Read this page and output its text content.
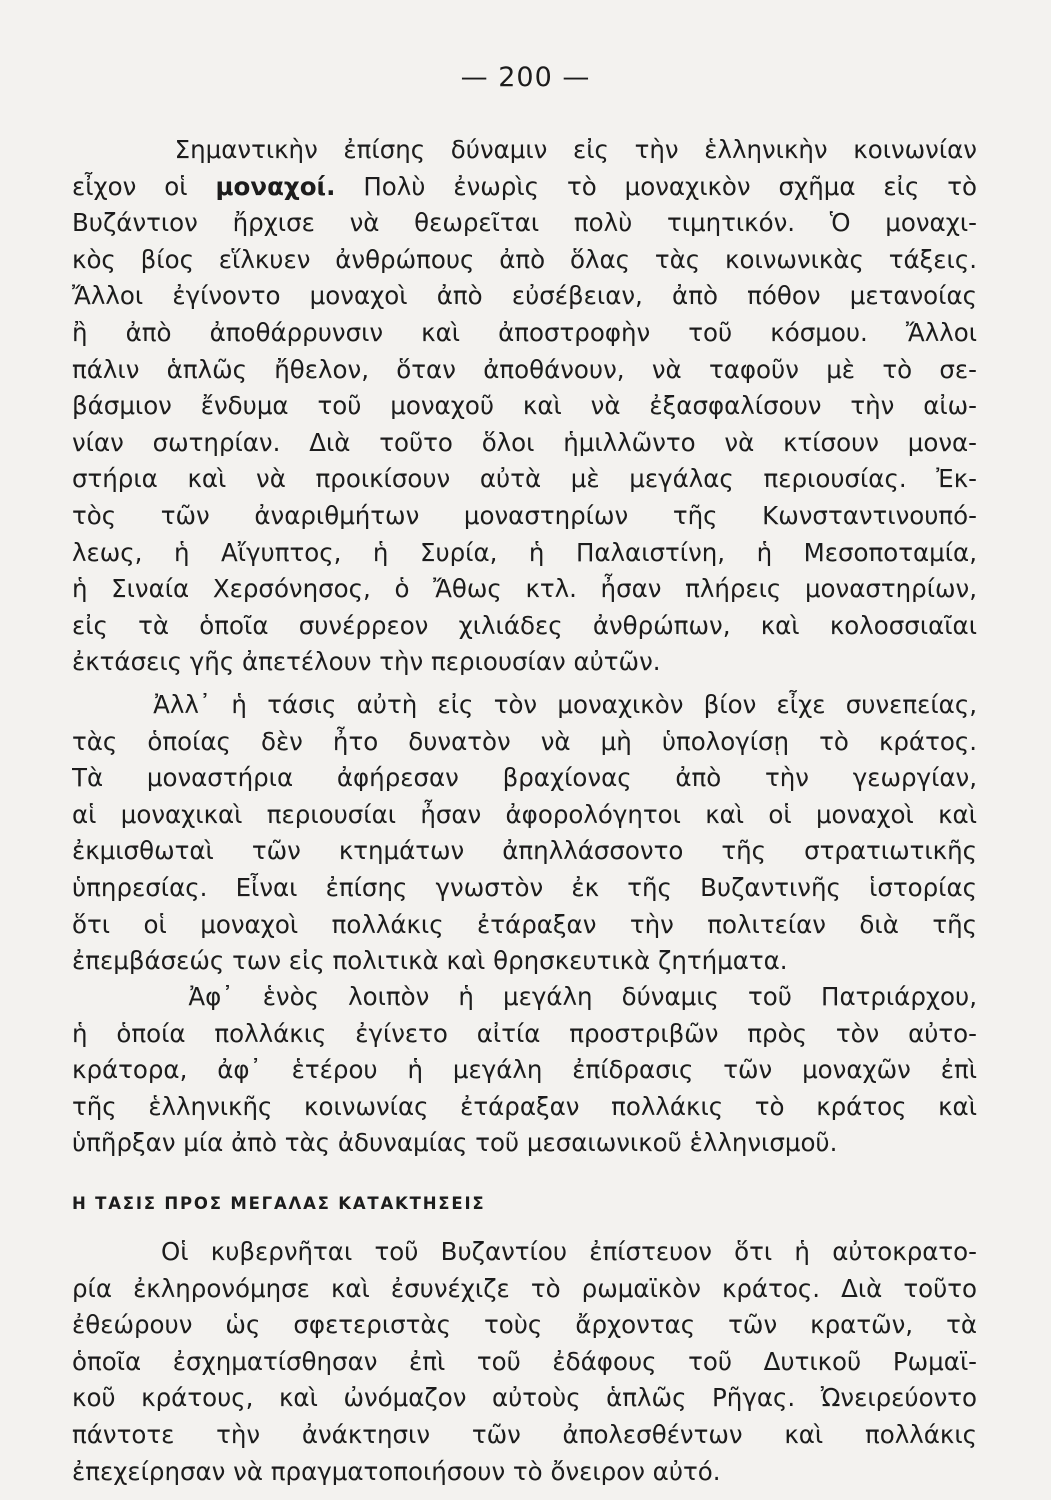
— 200 —
Σημαντικὴν ἐπίσης δύναμιν εἰς τὴν ἑλληνικὴν κοινωνίαν
εἶχον οἱ μοναχοί. Πολὺ ἐνωρὶς τὸ μοναχικὸν σχῆμα εἰς τὸ
Βυζάντιον ἤρχισε νὰ θεωρεῖται πολὺ τιμητικόν. Ὁ μοναχι-
κὸς βίος εἵλκυεν ἀνθρώπους ἀπὸ ὅλας τὰς κοινωνικὰς τάξεις.
Ἄλλοι ἐγίνοντο μοναχοὶ ἀπὸ εὐσέβειαν, ἀπὸ πόθον μετανοίας
ἢ ἀπὸ ἀποθάρρυνσιν καὶ ἀποστροφὴν τοῦ κόσμου. Ἄλλοι
πάλιν ἁπλῶς ἤθελον, ὅταν ἀποθάνουν, νὰ ταφοῦν μὲ τὸ σε-
βάσμιον ἔνδυμα τοῦ μοναχοῦ καὶ νὰ ἐξασφαλίσουν τὴν αἰω-
νίαν σωτηρίαν. Διὰ τοῦτο ὅλοι ἡμιλλῶντο νὰ κτίσουν μονα-
στήρια καὶ νὰ προικίσουν αὐτὰ μὲ μεγάλας περιουσίας. Ἐκ-
τὸς τῶν ἀναριθμήτων μοναστηρίων τῆς Κωνσταντινουπό-
λεως, ἡ Αἴγυπτος, ἡ Συρία, ἡ Παλαιστίνη, ἡ Μεσοποταμία,
ἡ Σιναία Χερσόνησος, ὁ Ἄθως κτλ. ἦσαν πλήρεις μοναστηρίων,
εἰς τὰ ὁποῖα συνέρρεον χιλιάδες ἀνθρώπων, καὶ κολοσσιαῖαι
ἐκτάσεις γῆς ἀπετέλουν τὴν περιουσίαν αὐτῶν.
Ἀλλ᾽ ἡ τάσις αὐτὴ εἰς τὸν μοναχικὸν βίον εἶχε συνεπείας,
τὰς ὁποίας δὲν ἦτο δυνατὸν νὰ μὴ ὑπολογίσῃ τὸ κράτος.
Τὰ μοναστήρια ἀφήρεσαν βραχίονας ἀπὸ τὴν γεωργίαν,
αἱ μοναχικαὶ περιουσίαι ἦσαν ἀφορολόγητοι καὶ οἱ μοναχοὶ καὶ
ἐκμισθωταὶ τῶν κτημάτων ἀπηλλάσσοντο τῆς στρατιωτικῆς
ὑπηρεσίας. Εἶναι ἐπίσης γνωστὸν ἐκ τῆς Βυζαντινῆς ἱστορίας
ὅτι οἱ μοναχοὶ πολλάκις ἐτάραξαν τὴν πολιτείαν διὰ τῆς
ἐπεμβάσεώς των εἰς πολιτικὰ καὶ θρησκευτικὰ ζητήματα.
Ἀφ᾽ ἑνὸς λοιπὸν ἡ μεγάλη δύναμις τοῦ Πατριάρχου,
ἡ ὁποία πολλάκις ἐγίνετο αἰτία προστριβῶν πρὸς τὸν αὐτο-
κράτορα, ἀφ᾽ ἑτέρου ἡ μεγάλη ἐπίδρασις τῶν μοναχῶν ἐπὶ
τῆς ἑλληνικῆς κοινωνίας ἐτάραξαν πολλάκις τὸ κράτος καὶ
ὑπῆρξαν μία ἀπὸ τὰς ἀδυναμίας τοῦ μεσαιωνικοῦ ἑλληνισμοῦ.
Η ΤΑΣΙΣ ΠΡΟΣ ΜΕΓΑΛΑΣ ΚΑΤΑΚΤΗΣΕΙΣ
Οἱ κυβερνῆται τοῦ Βυζαντίου ἐπίστευον ὅτι ἡ αὐτοκρατο-
ρία ἐκληρονόμησε καὶ ἐσυνέχιζε τὸ ρωμαϊκὸν κράτος. Διὰ τοῦτο
ἐθεώρουν ὡς σφετεριστὰς τοὺς ἄρχοντας τῶν κρατῶν, τὰ
ὁποῖα ἐσχηματίσθησαν ἐπὶ τοῦ ἐδάφους τοῦ Δυτικοῦ Ρωμαϊ-
κοῦ κράτους, καὶ ὠνόμαζον αὐτοὺς ἁπλῶς Ρῆγας. Ὠνειρεύοντο
πάντοτε τὴν ἀνάκτησιν τῶν ἀπολεσθέντων καὶ πολλάκις
ἐπεχείρησαν νὰ πραγματοποιήσουν τὸ ὄνειρον αὐτό.
